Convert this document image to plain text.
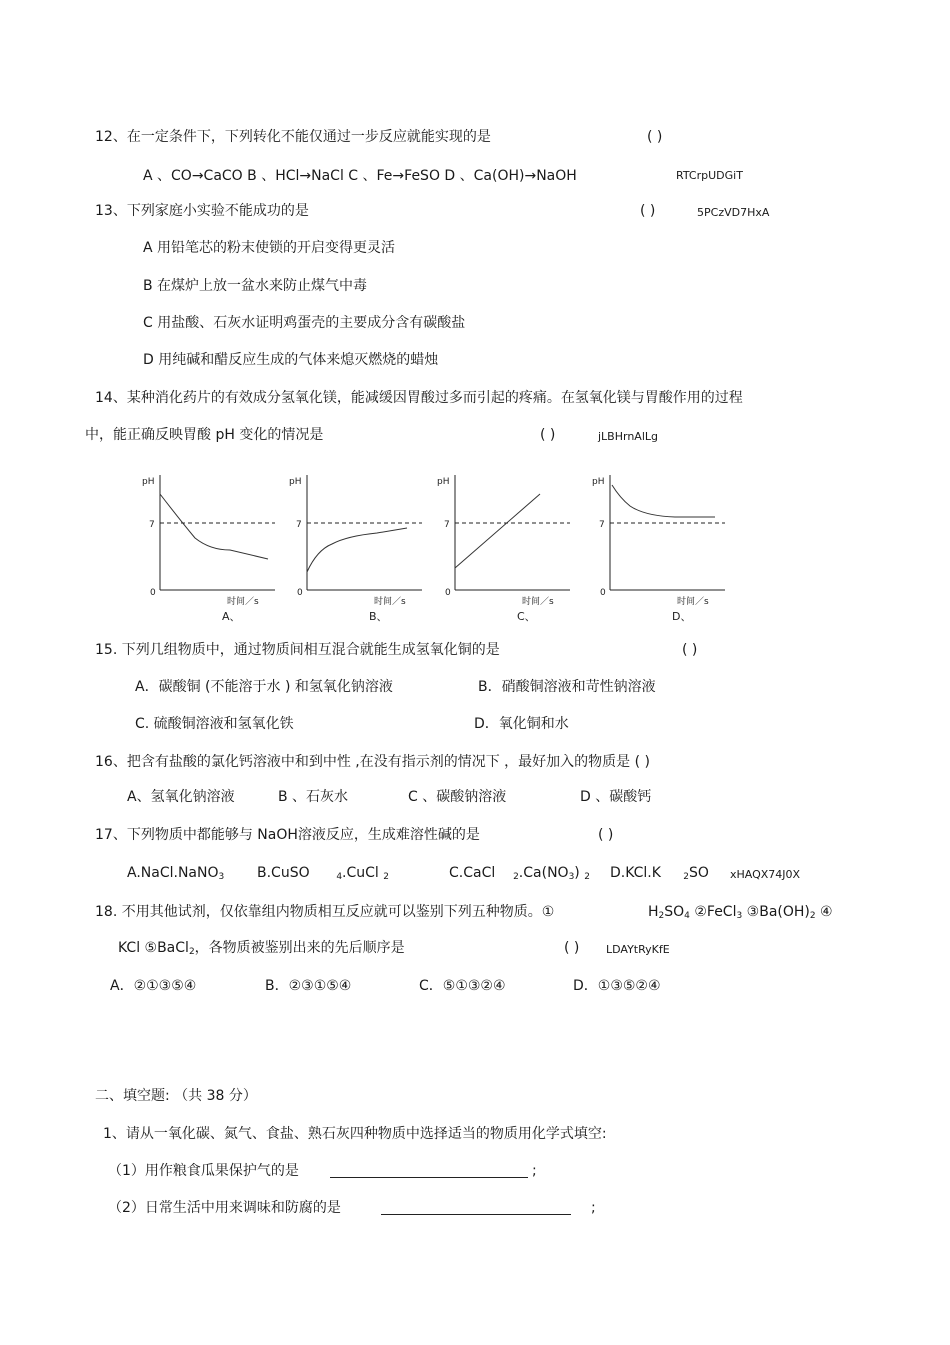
12、在一定条件下，下列转化不能仅通过一步反应就能实现的是	( )
A 、CO→CaCO B 、HCl→NaCl C 、Fe→FeSO D 、Ca(OH)→NaOH	RTCrpUDGiT
13、下列家庭小实验不能成功的是	( )	5PCzVD7HxA
A 用铅笔芯的粉末使锁的开启变得更灵活
B 在煤炉上放一盆水来防止煤气中毒
C 用盐酸、石灰水证明鸡蛋壳的主要成分含有碳酸盐
D 用纯碱和醋反应生成的气体来熄灭燃烧的蜡烛
14、某种消化药片的有效成分氢氧化镁，能减缓因胃酸过多而引起的疼痛。在氢氧化镁与胃酸作用的过程
中，能正确反映胃酸 pH 变化的情况是	( )	jLBHrnAlLg
pH
7
0
时间／s
A、
pH
7
0
时间／s
B、
pH
7
0
时间／s
C、
pH
7
0
时间／s
D、
15. 下列几组物质中，通过物质间相互混合就能生成氢氧化铜的是	( )
A．碳酸铜 (不能溶于水 ) 和氢氧化钠溶液	B．硝酸铜溶液和苛性钠溶液
C. 硫酸铜溶液和氢氧化铁	D．氧化铜和水
16、把含有盐酸的氯化钙溶液中和到中性 ,在没有指示剂的情况下 ，最好加入的物质是 ( )
A、氢氧化钠溶液	B 、石灰水	C 、碳酸钠溶液	D 、碳酸钙
17、下列物质中都能够与 NaOH溶液反应，生成难溶性碱的是	( )
A.NaCl.NaNO$_3$ B.CuSO	$_4$.CuCl $_2$	C.CaCl $_2.Ca(NO_3)$ $_2$ D.KCl.K $_2$SO xHAQX74J0X
18. 不用其他试剂，仅依靠组内物质相互反应就可以鉴别下列五种物质。①	$H_2SO_4$ ②FeCl$_3$ $③Ba(OH)_2$ ④
KCl ⑤BaCl$_2$，各物质被鉴别出来的先后顺序是	( ) LDAYtRyKfE
A．②①③⑤④	B．②③①⑤④	C．⑤①③②④	D．①③⑤②④
二、填空题: （共 38 分）
1、请从一氧化碳、氮气、食盐、熟石灰四种物质中选择适当的物质用化学式填空:
（1）用作粮食瓜果保护气的是	;
（2）日常生活中用来调味和防腐的是	;
